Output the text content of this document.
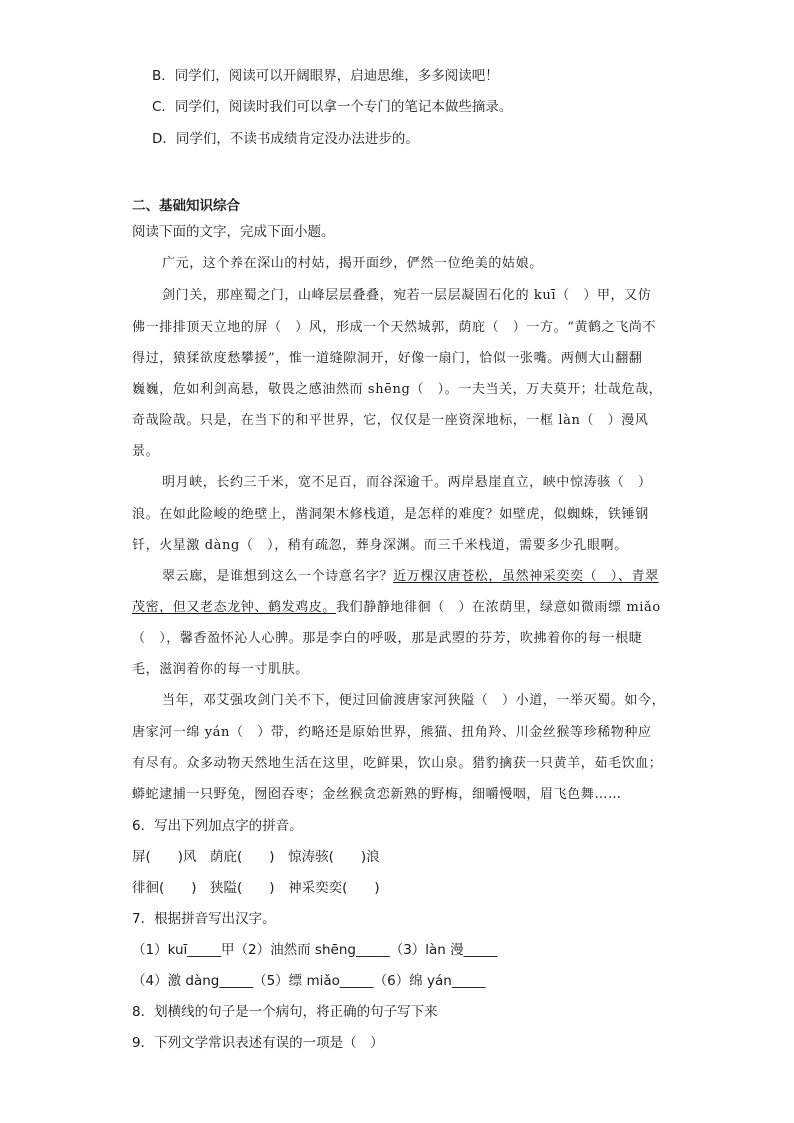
B．同学们，阅读可以开阔眼界，启迪思维，多多阅读吧！
C．同学们，阅读时我们可以拿一个专门的笔记本做些摘录。
D．同学们，不读书成绩肯定没办法进步的。
二、基础知识综合
阅读下面的文字，完成下面小题。
广元，这个养在深山的村姑，揭开面纱，俨然一位绝美的姑娘。
剑门关，那座蜀之门，山峰层层叠叠，宛若一层层凝固石化的 kuī（　）甲，又仿
佛一排排顶天立地的屏（　）风，形成一个天然城郭，荫庇（　）一方。“黄鹤之飞尚不
得过，猿猱欲度愁攀援”，惟一道缝隙洞开，好像一扇门，恰似一张嘴。两侧大山翻翻
巍巍，危如利剑高悬，敬畏之感油然而 shēng（　）。一夫当关，万夫莫开；壮哉危哉，
奇哉险哉。只是，在当下的和平世界，它，仅仅是一座资深地标，一框 làn（　）漫风
景。
明月峡，长约三千米，宽不足百，而谷深逾千。两岸悬崖直立，峡中惊涛骇（　）
浪。在如此险峻的绝壁上，凿洞架木修栈道，是怎样的难度？如壁虎，似蜘蛛，铁锤钢
钎，火星激 dàng（　），稍有疏忽，葬身深渊。而三千米栈道，需要多少孔眼啊。
翠云廊，是谁想到这么一个诗意名字？近万棵汉唐苍松，虽然神采奕奕（　）、青翠
茂密，但又老态龙钟、鹤发鸡皮。我们静静地徘徊（　）在浓荫里，绿意如微雨缥 miǎo
（　），馨香盈怀沁人心脾。那是李白的呼吸，那是武曌的芬芳，吹拂着你的每一根睫
毛，滋润着你的每一寸肌肤。
当年，邓艾强攻剑门关不下，便过回偷渡唐家河狭隘（　）小道，一举灭蜀。如今，
唐家河一绵 yán（　）带，约略还是原始世界，熊猫、扭角羚、川金丝猴等珍稀物种应
有尽有。众多动物天然地生活在这里，吃鲜果，饮山泉。猎豹擒获一只黄羊，茹毛饮血；
蟒蛇逮捕一只野兔，囫囵吞枣；金丝猴贪恋新熟的野梅，细嚼慢咽，眉飞色舞……
6．写出下列加点字的拼音。
屏(　　)风　荫庇(　　)　惊涛骇(　　)浪
徘徊(　　)　狭隘(　　)　神采奕奕(　　)
7．根据拼音写出汉字。
（1）kuī_____甲（2）油然而 shēng_____（3）làn 漫_____
（4）激 dàng_____（5）缥 miǎo_____（6）绵 yán_____
8．划横线的句子是一个病句，将正确的句子写下来
9．下列文学常识表述有误的一项是（　）
